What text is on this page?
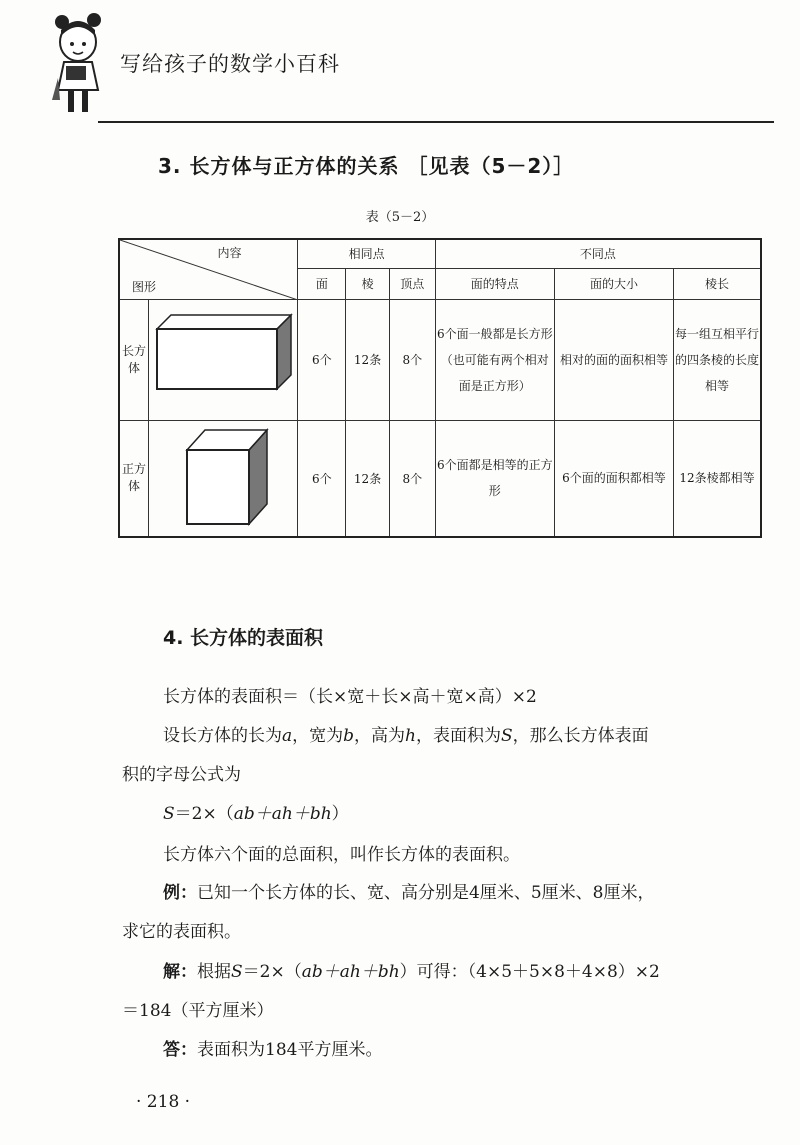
写给孩子的数学小百科
3. 长方体与正方体的关系 ［见表（5－2）］
表（5－2）
内容
图形		相同点			不同点		
		面	棱	顶点	面的特点	面的大小	棱长

长方体		6个	12条	8个	6个面一般都是长方形（也可能有两个相对面是正方形）	相对的面的面积相等	每一组互相平行的四条棱的长度相等

正方体		6个	12条	8个	6个面都是相等的正方形	6个面的面积都相等	12条棱都相等
4. 长方体的表面积
长方体的表面积＝（长×宽＋长×高＋宽×高）×2
设长方体的长为a，宽为b，高为h，表面积为S，那么长方体表面
积的字母公式为
S＝2×（ab＋ah＋bh）
长方体六个面的总面积，叫作长方体的表面积。
例：已知一个长方体的长、宽、高分别是4厘米、5厘米、8厘米，
求它的表面积。
解：根据S＝2×（ab＋ah＋bh）可得：（4×5＋5×8＋4×8）×2
＝184（平方厘米）
答：表面积为184平方厘米。
· 218 ·
